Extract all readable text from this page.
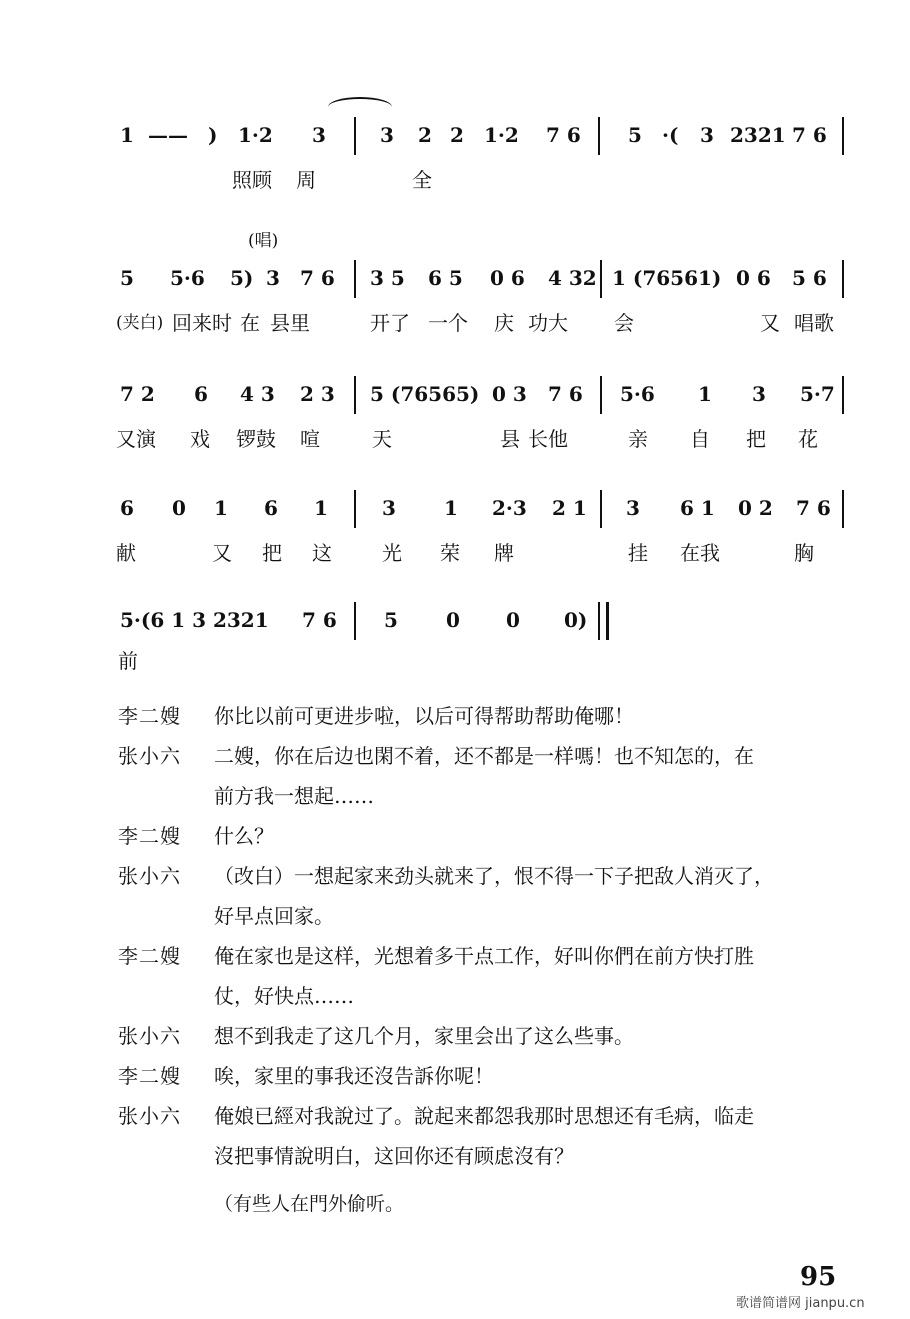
1 —— ) 1·2 3	3 2 2 1·2 7 6 5 ·( 3 2321 7 6
照顾 周	全
(唱)
5 5·6 5) 3 7 6 3 5 6 5 0 6 4 32 1 (76561) 0 6 5 6
(夹白) 回来时 在 县里	开了 一个 庆 功大 会	又 唱歌
7 2 6 4 3 2 3 5 (76565) 0 3 7 6 5·6 1 3 5·7
又演 戏 锣鼓 喧	天	县 长他	亲 自 把 花
6 0 1 6 1	3 1 2·3 2 1 3 6 1 0 2 7 6
献	又 把 这	光 荣 牌	挂 在我	胸
5·(6 1 3 2321 7 6 5 0 0 0)
前
李二嫂	你比以前可更进步啦，以后可得帮助帮助俺哪！
张小六	二嫂，你在后边也閑不着，还不都是一样嗎！也不知怎的，在
前方我一想起……
李二嫂	什么？
张小六	（改白）一想起家来劲头就来了，恨不得一下子把敌人消灭了，
好早点回家。
李二嫂	俺在家也是这样，光想着多干点工作，好叫你們在前方快打胜
仗，好快点……
张小六	想不到我走了这几个月，家里会出了这么些事。
李二嫂	唉，家里的事我还沒告訴你呢！
张小六	俺娘已經对我說过了。說起来都怨我那时思想还有毛病，临走
沒把事情說明白，这回你还有顾虑沒有？
（有些人在門外偷听。
95
歌谱简谱网 jianpu.cn
